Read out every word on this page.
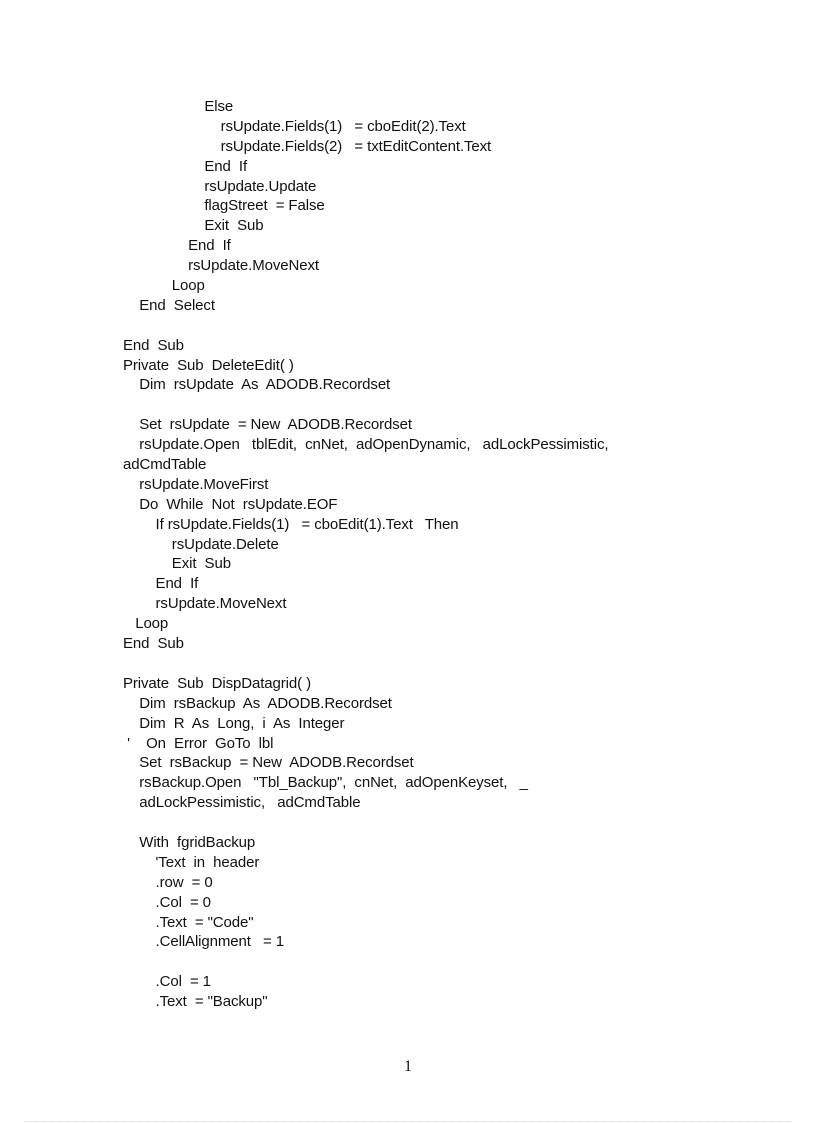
Else
rsUpdate.Fields(1)   = cboEdit(2).Text
rsUpdate.Fields(2)   = txtEditContent.Text
End  If
rsUpdate.Update
flagStreet  = False
Exit  Sub
End  If
rsUpdate.MoveNext
Loop
End  Select
End  Sub
Private  Sub  DeleteEdit( )
Dim  rsUpdate  As  ADODB.Recordset
Set  rsUpdate  = New  ADODB.Recordset
rsUpdate.Open   tblEdit,  cnNet,  adOpenDynamic,   adLockPessimistic,
adCmdTable
rsUpdate.MoveFirst
Do  While  Not  rsUpdate.EOF
If rsUpdate.Fields(1)   = cboEdit(1).Text   Then
rsUpdate.Delete
Exit  Sub
End  If
rsUpdate.MoveNext
Loop
End  Sub
Private  Sub  DispDatagrid( )
Dim  rsBackup  As  ADODB.Recordset
Dim  R  As  Long,  i  As  Integer
'    On  Error  GoTo  lbl
Set  rsBackup  = New  ADODB.Recordset
rsBackup.Open   "Tbl_Backup",  cnNet,  adOpenKeyset,   _
adLockPessimistic,   adCmdTable
With  fgridBackup
'Text  in  header
.row  = 0
.Col  = 0
.Text  = "Code"
.CellAlignment   = 1
.Col  = 1
.Text  = "Backup"
1
